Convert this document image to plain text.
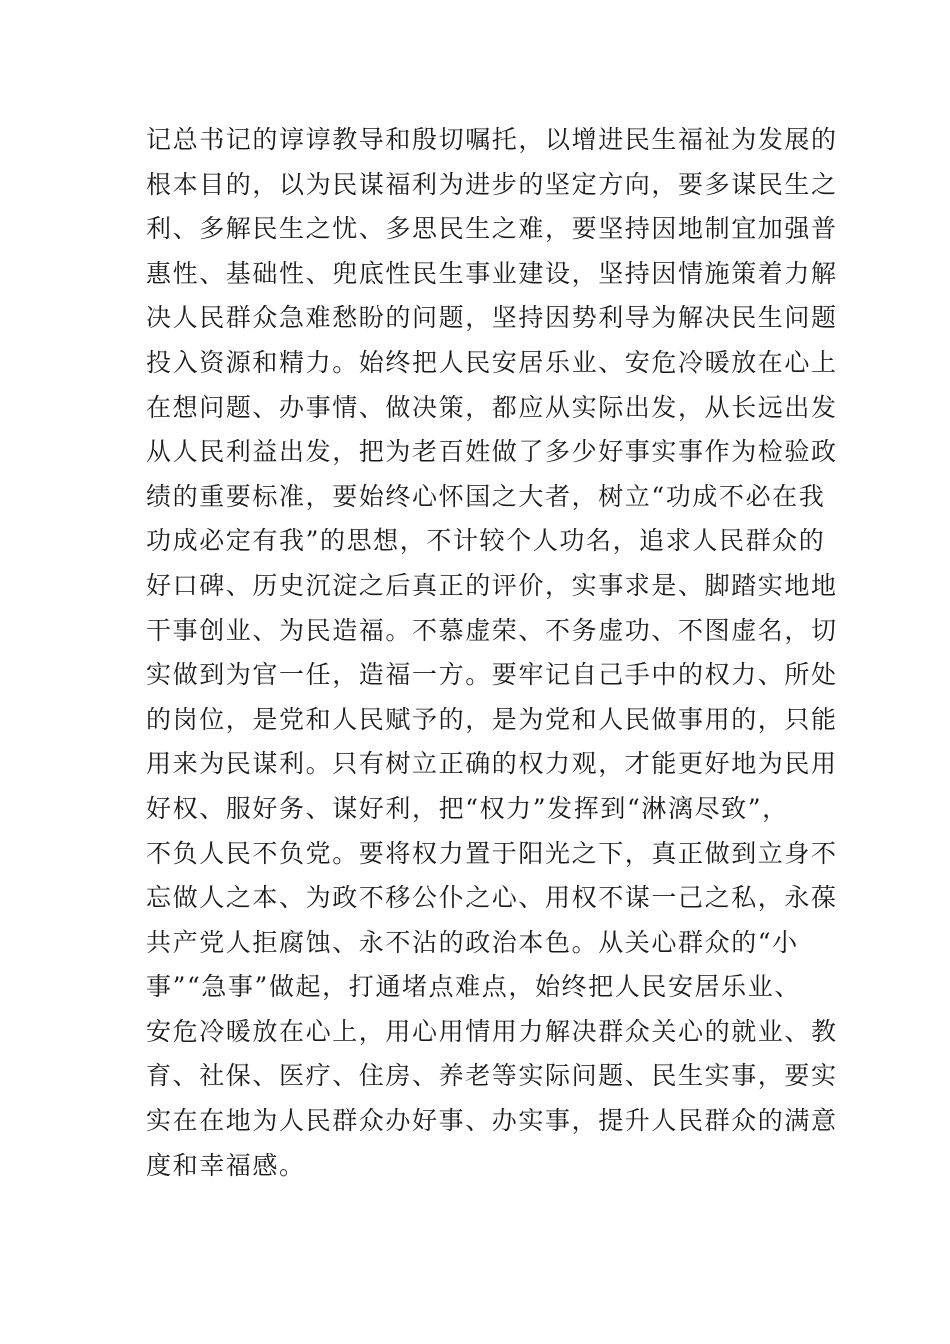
记总书记的谆谆教导和殷切嘱托，以增进民生福祉为发展的
根本目的，以为民谋福利为进步的坚定方向，要多谋民生之
利、多解民生之忧、多思民生之难，要坚持因地制宜加强普
惠性、基础性、兜底性民生事业建设，坚持因情施策着力解
决人民群众急难愁盼的问题，坚持因势利导为解决民生问题
投入资源和精力。始终把人民安居乐业、安危冷暖放在心上
在想问题、办事情、做决策，都应从实际出发，从长远出发
从人民利益出发，把为老百姓做了多少好事实事作为检验政
绩的重要标准，要始终心怀国之大者，树立“功成不必在我
功成必定有我”的思想，不计较个人功名，追求人民群众的
好口碑、历史沉淀之后真正的评价，实事求是、脚踏实地地
干事创业、为民造福。不慕虚荣、不务虚功、不图虚名，切
实做到为官一任，造福一方。要牢记自己手中的权力、所处
的岗位，是党和人民赋予的，是为党和人民做事用的，只能
用来为民谋利。只有树立正确的权力观，才能更好地为民用
好权、服好务、谋好利，把“权力”发挥到“淋漓尽致”，
不负人民不负党。要将权力置于阳光之下，真正做到立身不
忘做人之本、为政不移公仆之心、用权不谋一己之私，永葆
共产党人拒腐蚀、永不沾的政治本色。从关心群众的“小
事”“急事”做起，打通堵点难点，始终把人民安居乐业、
安危冷暖放在心上，用心用情用力解决群众关心的就业、教
育、社保、医疗、住房、养老等实际问题、民生实事，要实
实在在地为人民群众办好事、办实事，提升人民群众的满意
度和幸福感。
